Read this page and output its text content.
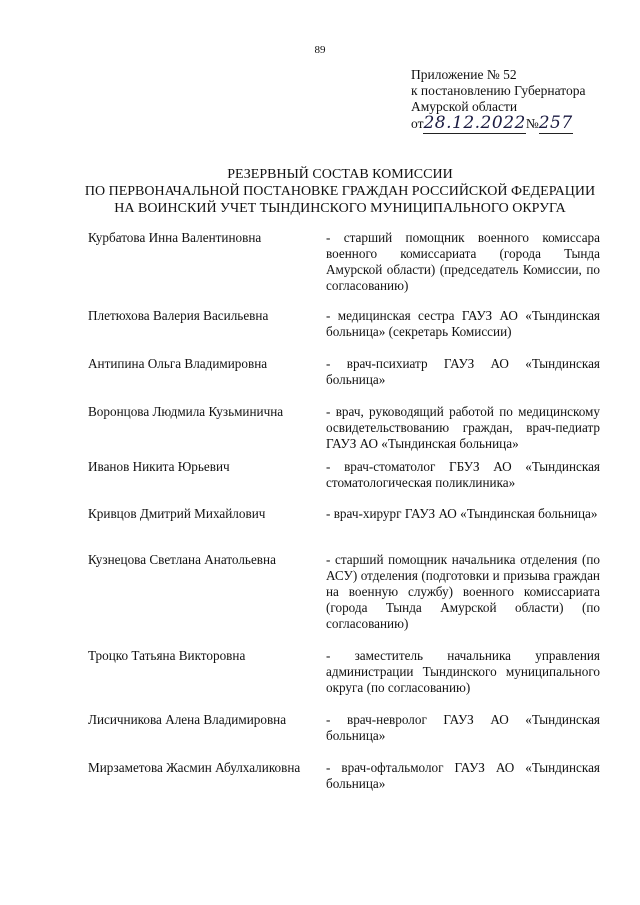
89
Приложение № 52
к постановлению Губернатора
Амурской области
от28.12.2022№257
РЕЗЕРВНЫЙ СОСТАВ КОМИССИИ
ПО ПЕРВОНАЧАЛЬНОЙ ПОСТАНОВКЕ ГРАЖДАН РОССИЙСКОЙ ФЕДЕРАЦИИ
НА ВОИНСКИЙ УЧЕТ ТЫНДИНСКОГО МУНИЦИПАЛЬНОГО ОКРУГА
Курбатова Инна Валентиновна	- старший помощник военного комиссара военного комиссариата (города Тында Амурской области) (председатель Комиссии, по согласованию)
Плетюхова Валерия Васильевна	- медицинская сестра ГАУЗ АО «Тындинская больница» (секретарь Комиссии)
Антипина Ольга Владимировна	- врач-психиатр ГАУЗ АО «Тындинская больница»
Воронцова Людмила Кузьминична	- врач, руководящий работой по медицинскому освидетельствованию граждан, врач-педиатр ГАУЗ АО «Тындинская больница»
Иванов Никита Юрьевич	- врач-стоматолог ГБУЗ АО «Тындинская стоматологическая поликлиника»
Кривцов Дмитрий Михайлович	- врач-хирург ГАУЗ АО «Тындинская больница»
Кузнецова Светлана Анатольевна	- старший помощник начальника отделения (по АСУ) отделения (подготовки и призыва граждан на военную службу) военного комиссариата (города Тында Амурской области) (по согласованию)
Троцко Татьяна Викторовна	- заместитель начальника управления администрации Тындинского муниципального округа (по согласованию)
Лисичникова Алена Владимировна	- врач-невролог ГАУЗ АО «Тындинская больница»
Мирзаметова Жасмин Абулхаликовна	- врач-офтальмолог ГАУЗ АО «Тындинская больница»
